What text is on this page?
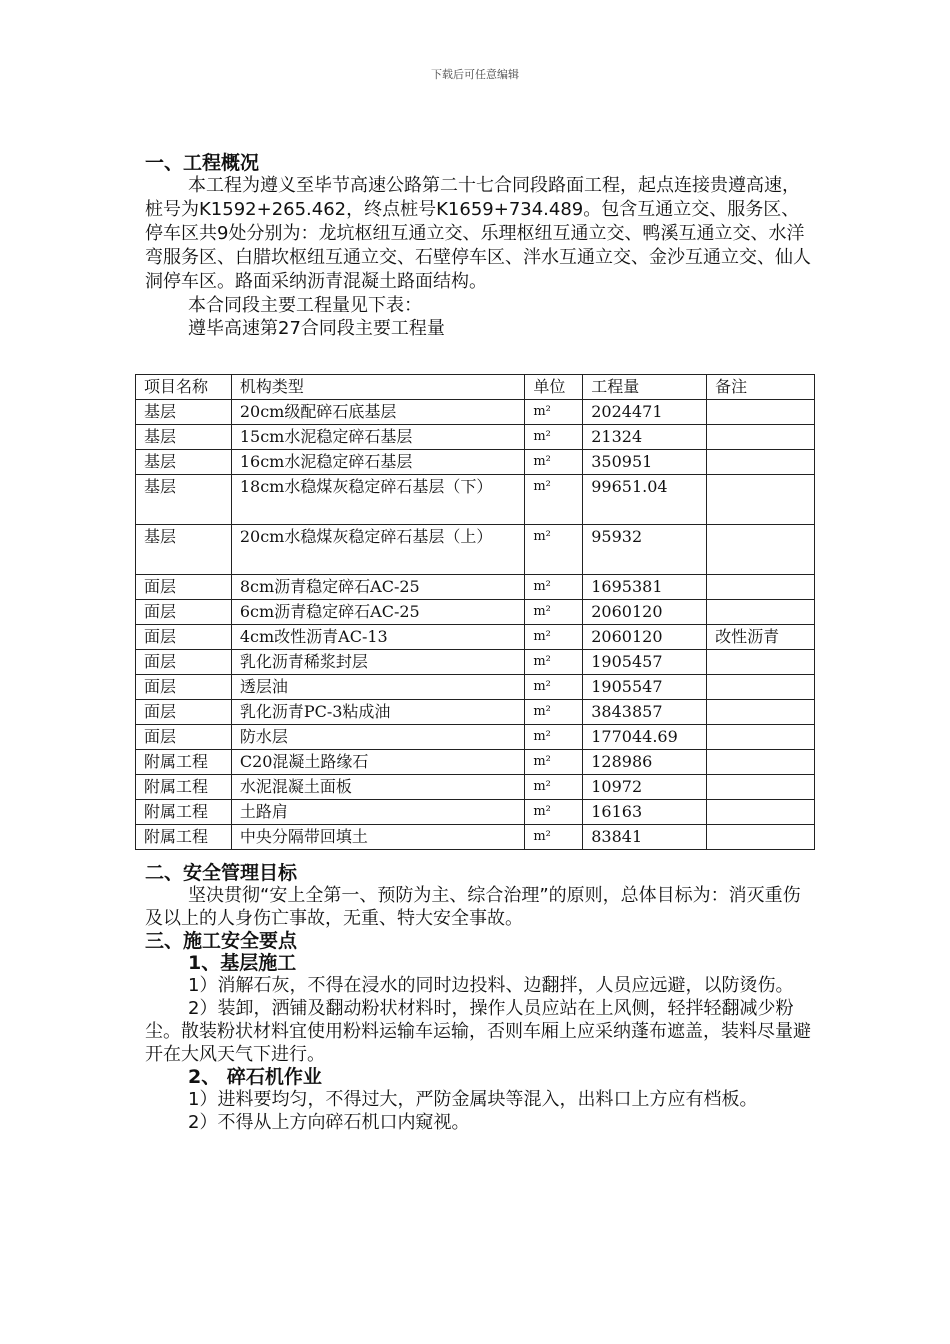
下载后可任意编辑

一、工程概况

本工程为遵义至毕节高速公路第二十七合同段路面工程，起点连接贵遵高速，桩号为K1592+265.462，终点桩号K1659+734.489。包含互通立交、服务区、停车区共9处分别为：龙坑枢纽互通立交、乐理枢纽互通立交、鸭溪互通立交、水洋弯服务区、白腊坎枢纽互通立交、石壁停车区、泮水互通立交、金沙互通立交、仙人洞停车区。路面采纳沥青混凝土路面结构。

本合同段主要工程量见下表：

遵毕高速第27合同段主要工程量

项目名称	机构类型	单位	工程量	备注
基层	20cm级配碎石底基层	m²	2024471	
基层	15cm水泥稳定碎石基层	m²	21324	
基层	16cm水泥稳定碎石基层	m²	350951	
基层	18cm水稳煤灰稳定碎石基层（下）	m²	99651.04	
基层	20cm水稳煤灰稳定碎石基层（上）	m²	95932	
面层	8cm沥青稳定碎石AC-25	m²	1695381	
面层	6cm沥青稳定碎石AC-25	m²	2060120	
面层	4cm改性沥青AC-13	m²	2060120	改性沥青
面层	乳化沥青稀浆封层	m²	1905457	
面层	透层油	m²	1905547	
面层	乳化沥青PC-3粘成油	m²	3843857	
面层	防水层	m²	177044.69	
附属工程	C20混凝土路缘石	m²	128986	
附属工程	水泥混凝土面板	m²	10972	
附属工程	土路肩	m²	16163	
附属工程	中央分隔带回填土	m²	83841	

二、安全管理目标

坚决贯彻“安上全第一、预防为主、综合治理”的原则，总体目标为：消灭重伤及以上的人身伤亡事故，无重、特大安全事故。

三、施工安全要点

1、基层施工

1）消解石灰，不得在浸水的同时边投料、边翻拌，人员应远避，以防烫伤。

2）装卸，洒铺及翻动粉状材料时，操作人员应站在上风侧，轻拌轻翻减少粉尘。散装粉状材料宜使用粉料运输车运输，否则车厢上应采纳蓬布遮盖，装料尽量避开在大风天气下进行。

2、 碎石机作业

1）进料要均匀，不得过大，严防金属块等混入，出料口上方应有档板。

2）不得从上方向碎石机口内窥视。
